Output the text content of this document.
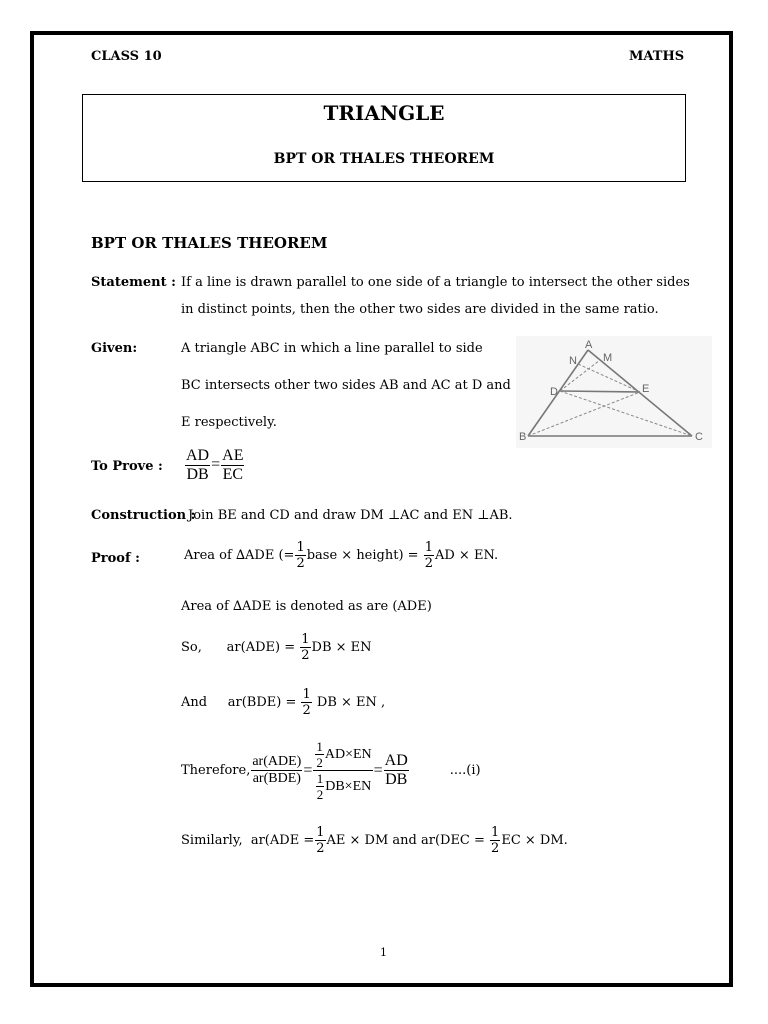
CLASS 10	MATHS
TRIANGLE
BPT OR THALES THEOREM
BPT OR THALES THEOREM
Statement : If a line is drawn parallel to one side of a triangle to intersect the other sides
in distinct points, then the other two sides are divided in the same ratio.
Given:	A triangle ABC in which a line parallel to side
BC intersects other two sides AB and AC at D and
E respectively.
A
N M
D	E
B	C
To Prove : $\frac{AD}{DB} = \frac{AE}{EC}$
Construction :
Join BE and CD and draw DM ⊥AC and EN ⊥AB.
Proof :	Area of ∆ADE (= $\frac{1}{2}$ base × height) =
$\frac{1}{2}$ AD × EN.
Area of ∆ADE is denoted as are (ADE)
So,      ar(ADE) =
$\frac{1}{2}$ DB × EN
And     ar(BDE) =
$\frac{1}{2}$
DB × EN ,
Therefore, $\frac{\text{ar(ADE)}}{\text{ar(BDE)}} = \frac{\frac{1}{2} AD\times EN}{\frac{1}{2} DB\times EN} = \frac{AD}{DB}$	....(i)
Similarly,  $ar(ADE = \frac{1}{2}$ AE × DM and ar(DEC =
$\frac{1}{2}$ EC × DM.
1
